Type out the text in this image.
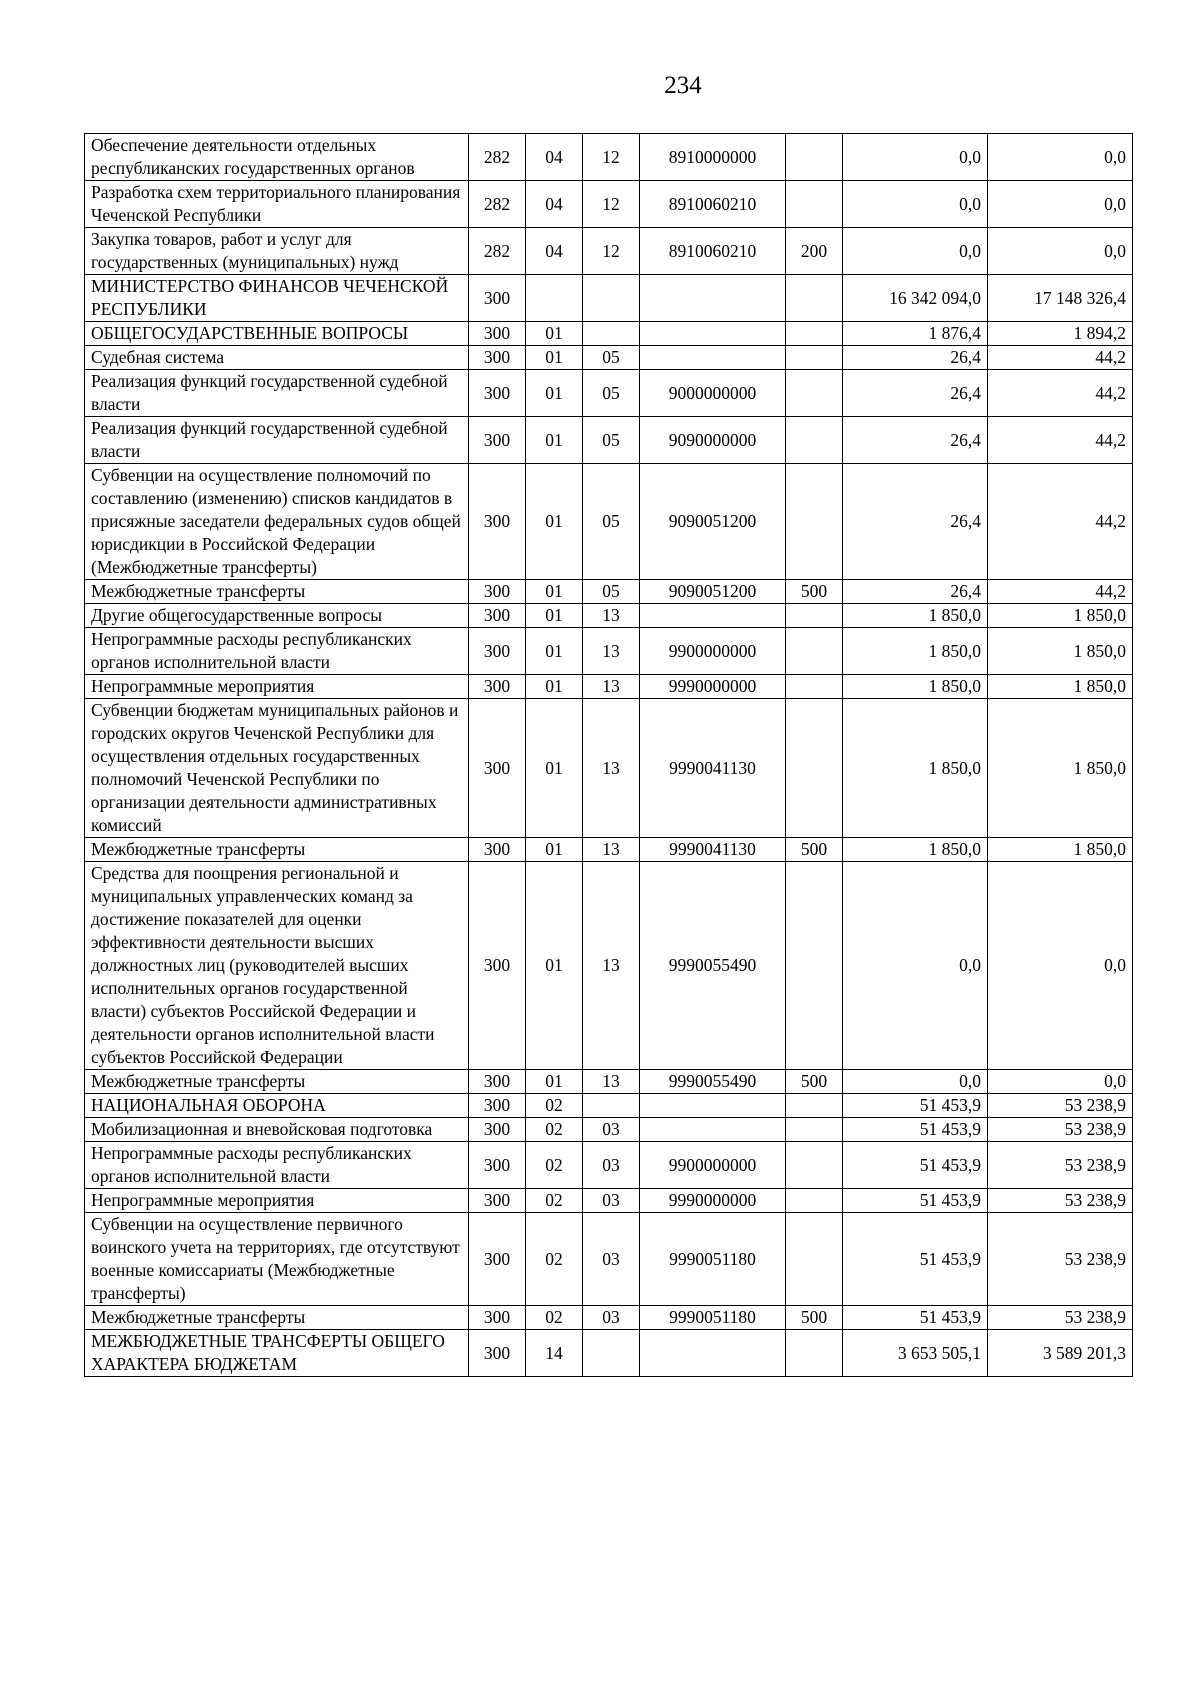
234
Обеспечение деятельности отдельных республиканских государственных органов	282	04	12	8910000000		0,0	0,0
Разработка схем территориального планирования Чеченской Республики	282	04	12	8910060210		0,0	0,0
Закупка товаров, работ и услуг для государственных (муниципальных) нужд	282	04	12	8910060210	200	0,0	0,0
МИНИСТЕРСТВО ФИНАНСОВ ЧЕЧЕНСКОЙ РЕСПУБЛИКИ	300					16 342 094,0	17 148 326,4
ОБЩЕГОСУДАРСТВЕННЫЕ ВОПРОСЫ	300	01				1 876,4	1 894,2
Судебная система	300	01	05			26,4	44,2
Реализация функций государственной судебной власти	300	01	05	9000000000		26,4	44,2
Реализация функций государственной судебной власти	300	01	05	9090000000		26,4	44,2
Субвенции на осуществление полномочий по составлению (изменению) списков кандидатов в присяжные заседатели федеральных судов общей юрисдикции в Российской Федерации (Межбюджетные трансферты)	300	01	05	9090051200		26,4	44,2
Межбюджетные трансферты	300	01	05	9090051200	500	26,4	44,2
Другие общегосударственные вопросы	300	01	13			1 850,0	1 850,0
Непрограммные расходы республиканских органов исполнительной власти	300	01	13	9900000000		1 850,0	1 850,0
Непрограммные мероприятия	300	01	13	9990000000		1 850,0	1 850,0
Субвенции бюджетам муниципальных районов и городских округов Чеченской Республики для осуществления отдельных государственных полномочий Чеченской Республики по организации деятельности административных комиссий	300	01	13	9990041130		1 850,0	1 850,0
Межбюджетные трансферты	300	01	13	9990041130	500	1 850,0	1 850,0
Средства для поощрения региональной и муниципальных управленческих команд за достижение показателей для оценки эффективности деятельности высших должностных лиц (руководителей высших исполнительных органов государственной власти) субъектов Российской Федерации и деятельности органов исполнительной власти субъектов Российской Федерации	300	01	13	9990055490		0,0	0,0
Межбюджетные трансферты	300	01	13	9990055490	500	0,0	0,0
НАЦИОНАЛЬНАЯ ОБОРОНА	300	02				51 453,9	53 238,9
Мобилизационная и вневойсковая подготовка	300	02	03			51 453,9	53 238,9
Непрограммные расходы республиканских органов исполнительной власти	300	02	03	9900000000		51 453,9	53 238,9
Непрограммные мероприятия	300	02	03	9990000000		51 453,9	53 238,9
Субвенции на осуществление первичного воинского учета на территориях, где отсутствуют военные комиссариаты (Межбюджетные трансферты)	300	02	03	9990051180		51 453,9	53 238,9
Межбюджетные трансферты	300	02	03	9990051180	500	51 453,9	53 238,9
МЕЖБЮДЖЕТНЫЕ ТРАНСФЕРТЫ ОБЩЕГО ХАРАКТЕРА БЮДЖЕТАМ	300	14				3 653 505,1	3 589 201,3
